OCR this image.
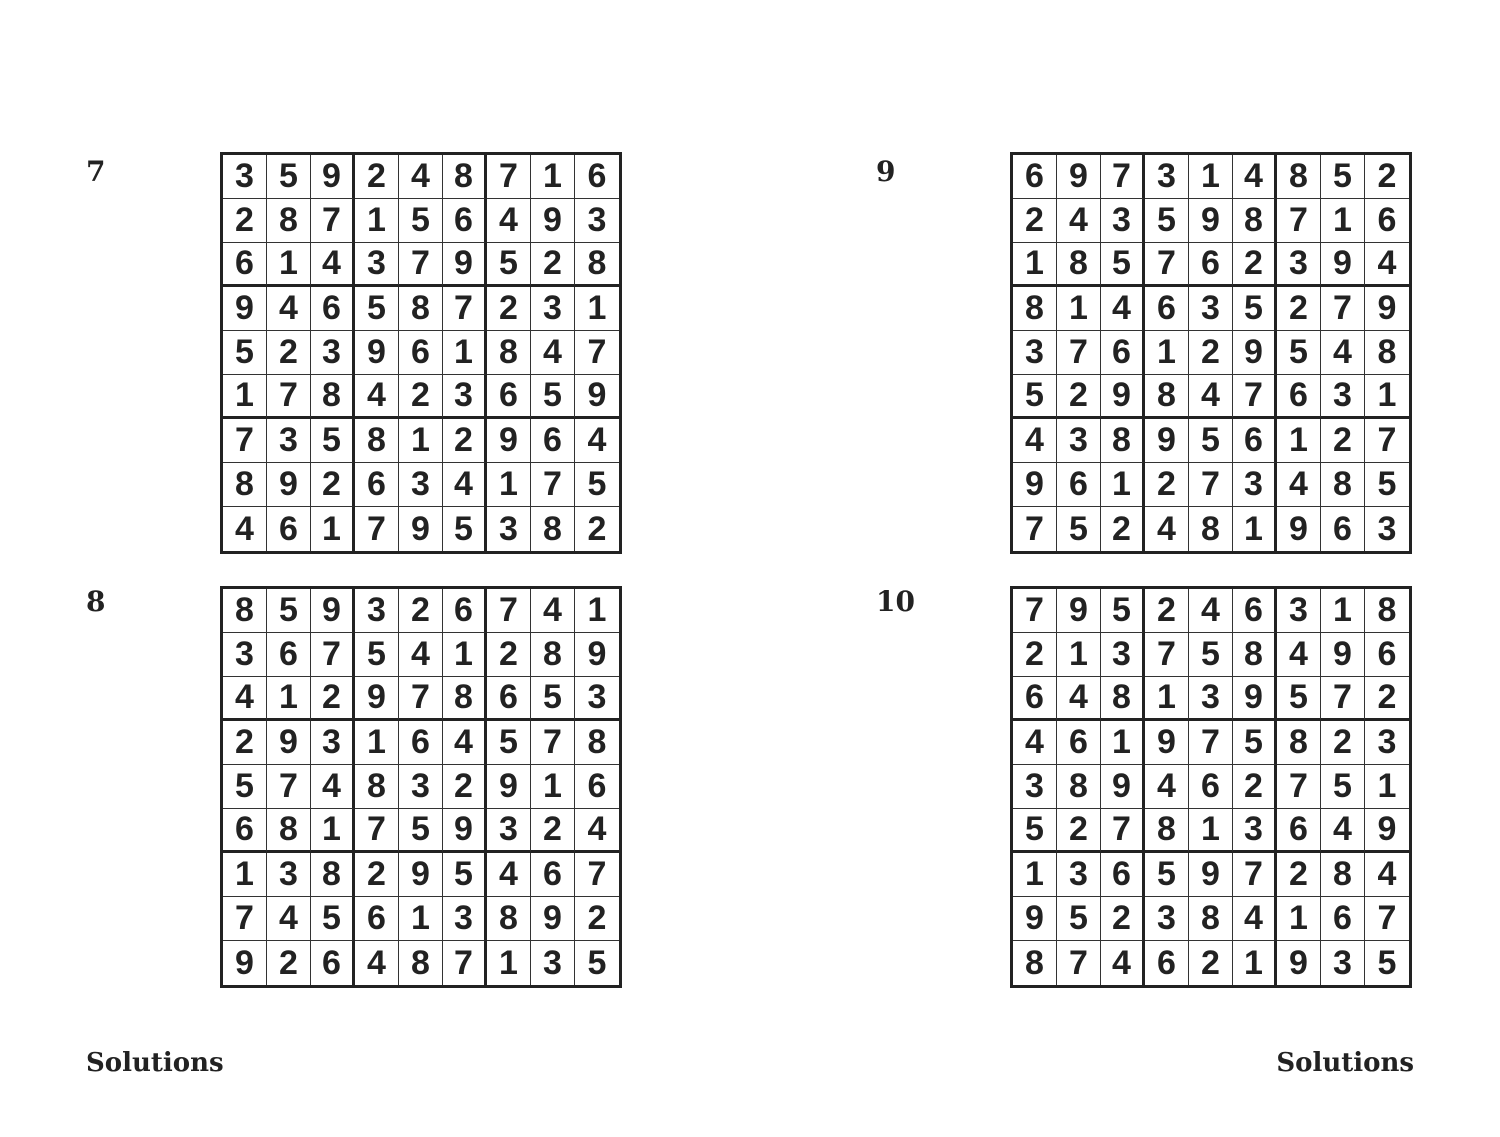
7	3 5 9 2 4 8 7 1 6
2 8 7 1 5 6 4 9 3
6 1 4 3 7 9 5 2 8
9 4 6 5 8 7 2 3 1
5 2 3 9 6 1 8 4 7
1 7 8 4 2 3 6 5 9
7 3 5 8 1 2 9 6 4
8 9 2 6 3 4 1 7 5
4 6 1 7 9 5 3 8 2
8	8 5 9 3 2 6 7 4 1
3 6 7 5 4 1 2 8 9
4 1 2 9 7 8 6 5 3
2 9 3 1 6 4 5 7 8
5 7 4 8 3 2 9 1 6
6 8 1 7 5 9 3 2 4
1 3 8 2 9 5 4 6 7
7 4 5 6 1 3 8 9 2
9 2 6 4 8 7 1 3 5
9	6 9 7 3 1 4 8 5 2
2 4 3 5 9 8 7 1 6
1 8 5 7 6 2 3 9 4
8 1 4 6 3 5 2 7 9
3 7 6 1 2 9 5 4 8
5 2 9 8 4 7 6 3 1
4 3 8 9 5 6 1 2 7
9 6 1 2 7 3 4 8 5
7 5 2 4 8 1 9 6 3
10	7 9 5 2 4 6 3 1 8
2 1 3 7 5 8 4 9 6
6 4 8 1 3 9 5 7 2
4 6 1 9 7 5 8 2 3
3 8 9 4 6 2 7 5 1
5 2 7 8 1 3 6 4 9
1 3 6 5 9 7 2 8 4
9 5 2 3 8 4 1 6 7
8 7 4 6 2 1 9 3 5
Solutions	Solutions
